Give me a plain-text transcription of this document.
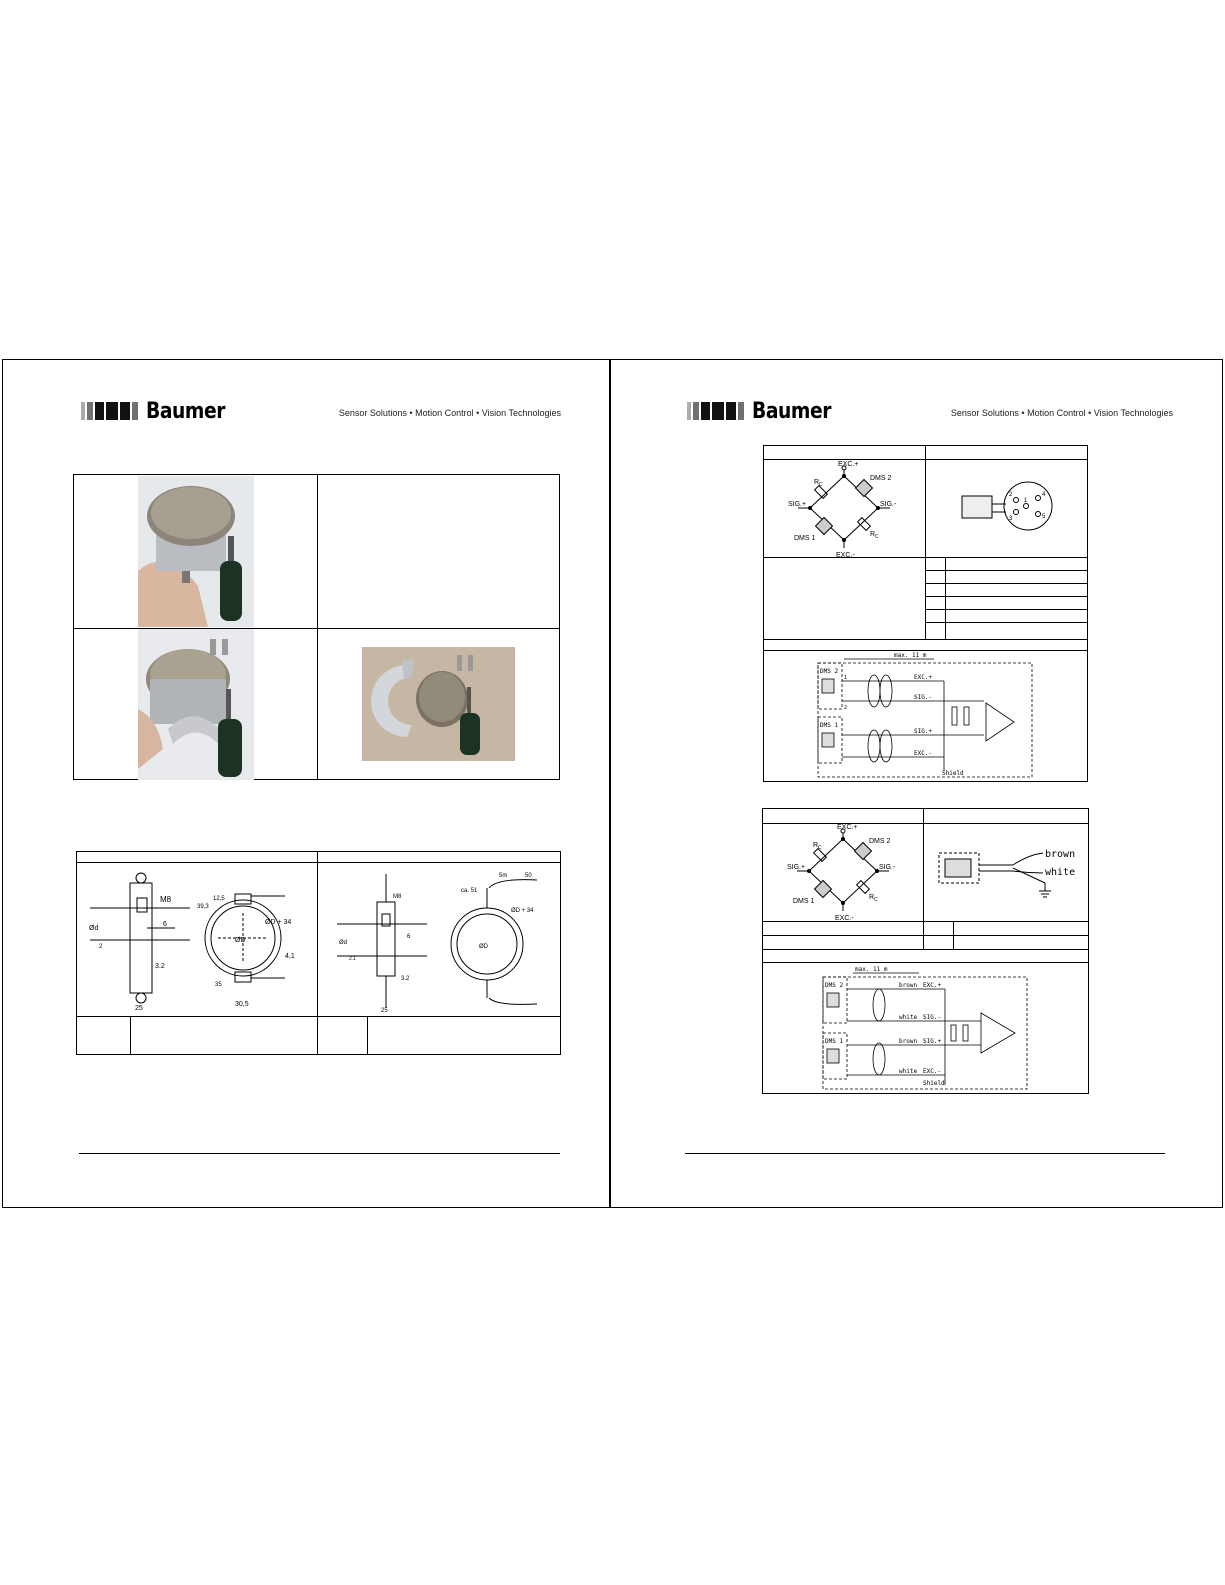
Baumer	Sensor Solutions • Motion Control • Vision Technologies
M8
ØD + 34
39,3
12,5
Ød
6
3.2
4,1
ØD
35
30,5
25
2
M8
5m	50
ca. 51
ØD + 34
Ød
2.1
6
3.2
ØD
25
Baumer	Sensor Solutions • Motion Control • Vision Technologies
EXC.+
EXC.-
SIG.+	SIG.-
DMS 1
DMS 2
R C
R C
2
1
3
4
5
max. 11 m
DMS 2
DMS 1
EXC.+
SIG.-
SIG.+
EXC.-
Shield
1
2
EXC.+
EXC.-
SIG.+	SIG.-
DMS 1
DMS 2
R C
R C
brown
white
max. 11 m
DMS 2
DMS 1
brown
white
brown
white
EXC.+
SIG.-
SIG.+
EXC.-
Shield
